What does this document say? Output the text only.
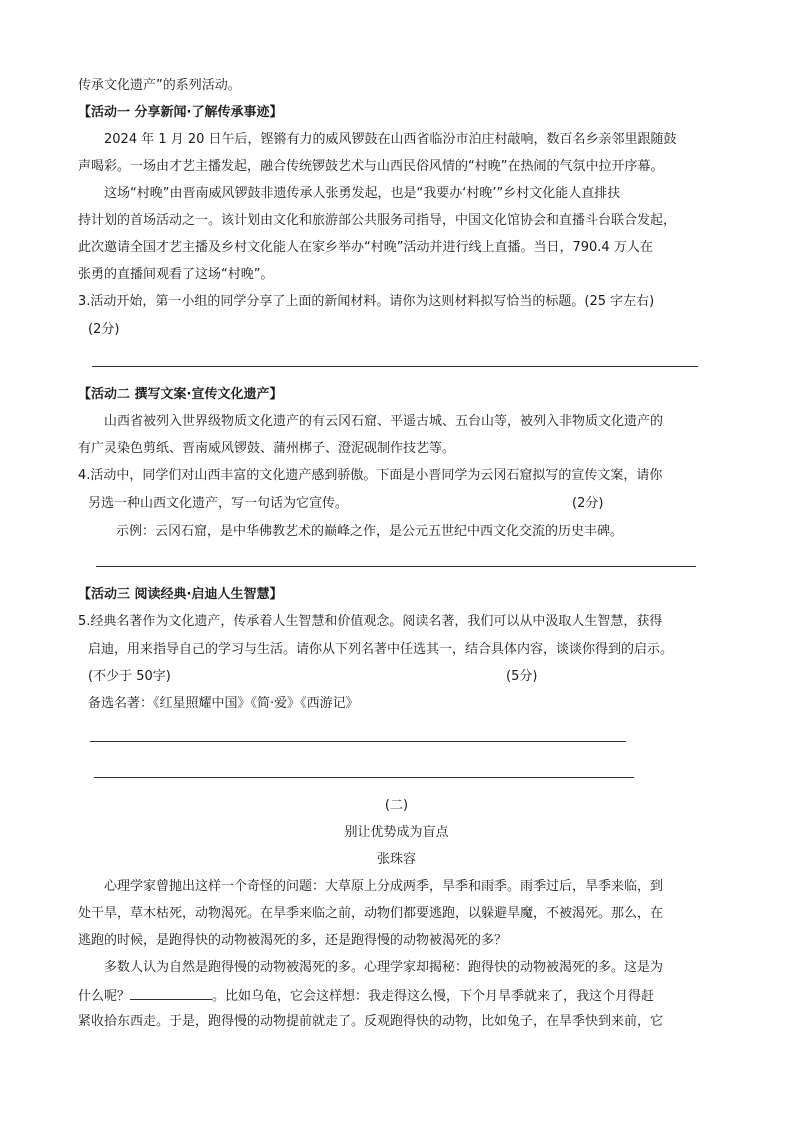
传承文化遗产”的系列活动。
【活动一 分享新闻·了解传承事迹】
2024 年 1 月 20 日午后，铿锵有力的威风锣鼓在山西省临汾市泊庄村敲响，数百名乡亲邻里跟随鼓
声喝彩。一场由才艺主播发起，融合传统锣鼓艺术与山西民俗风情的“村晚”在热闹的气氛中拉开序幕。
这场“村晚”由晋南威风锣鼓非遗传承人张勇发起，也是“我要办‘村晚’”乡村文化能人直排扶
持计划的首场活动之一。该计划由文化和旅游部公共服务司指导，中国文化馆协会和直播斗台联合发起，
此次邀请全国才艺主播及乡村文化能人在家乡举办“村晚”活动并进行线上直播。当日，790.4 万人在
张勇的直播间观看了这场“村晚”。
3.活动开始，第一小组的同学分享了上面的新闻材料。请你为这则材料拟写恰当的标题。(25 字左右)
(2分)
【活动二 撰写文案·宣传文化遗产】
山西省被列入世界级物质文化遗产的有云冈石窟、平遥古城、五台山等，被列入非物质文化遗产的
有广灵染色剪纸、晋南威风锣鼓、蒲州梆子、澄泥砚制作技艺等。
4.活动中，同学们对山西丰富的文化遗产感到骄傲。下面是小晋同学为云冈石窟拟写的宣传文案，请你
另选一种山西文化遗产，写一句话为它宣传。	(2分)
示例：云冈石窟，是中华佛教艺术的巅峰之作，是公元五世纪中西文化交流的历史丰碑。
【活动三 阅读经典·启迪人生智慧】
5.经典名著作为文化遗产，传承着人生智慧和价值观念。阅读名著，我们可以从中汲取人生智慧，获得
启迪，用来指导自己的学习与生活。请你从下列名著中任选其一，结合具体内容，谈谈你得到的启示。
(不少于 50字)	(5分)
备选名著：《红星照耀中国》《简·爱》《西游记》
(二)
别让优势成为盲点
张珠容
心理学家曾抛出这样一个奇怪的问题：大草原上分成两季，旱季和雨季。雨季过后，旱季来临，到
处干旱，草木枯死，动物渴死。在旱季来临之前，动物们都要逃跑，以躲避旱魔，不被渴死。那么，在
逃跑的时候，是跑得快的动物被渴死的多，还是跑得慢的动物被渴死的多？
多数人认为自然是跑得慢的动物被渴死的多。心理学家却揭秘：跑得快的动物被渴死的多。这是为
什么呢？	。比如乌龟，它会这样想：我走得这么慢，下个月旱季就来了，我这个月得赶
紧收拾东西走。于是，跑得慢的动物提前就走了。反观跑得快的动物，比如兔子，在旱季快到来前，它
